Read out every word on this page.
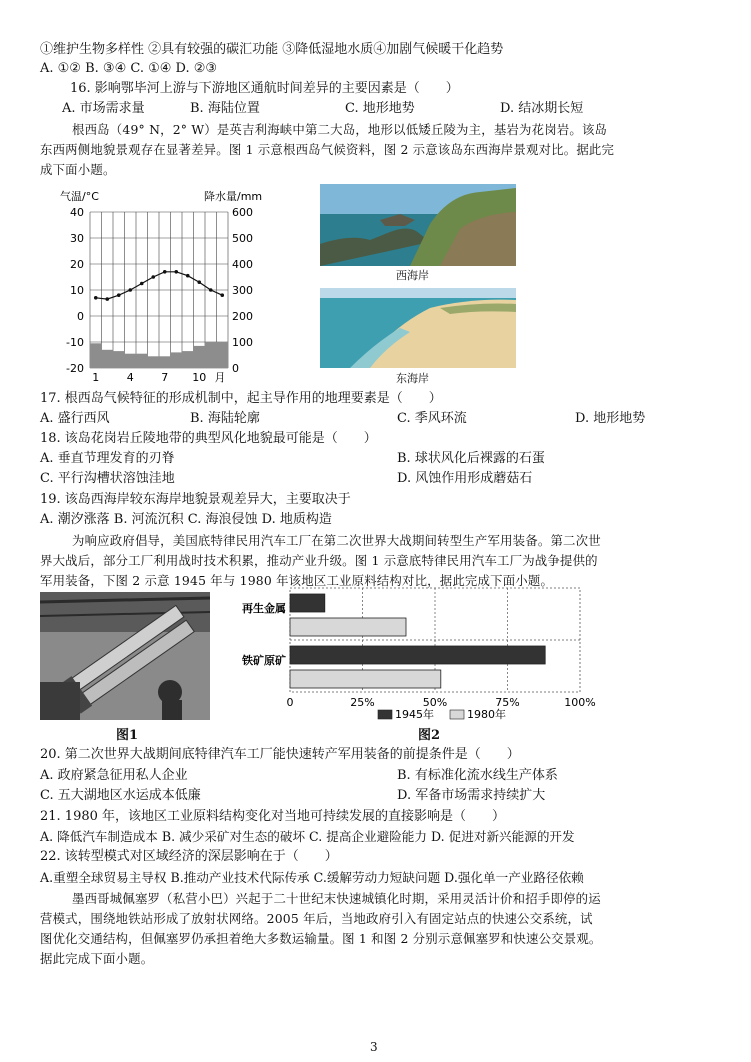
①维护生物多样性 ②具有较强的碳汇功能 ③降低湿地水质④加剧气候暖干化趋势
A. ①② B. ③④ C. ①④ D. ②③
16. 影响鄂毕河上游与下游地区通航时间差异的主要因素是（　　）
A. 市场需求量	B. 海陆位置	C. 地形地势	D. 结冰期长短
根西岛（49° N，2° W）是英吉利海峡中第二大岛，地形以低矮丘陵为主，基岩为花岗岩。该岛
东西两侧地貌景观存在显著差异。图 1 示意根西岛气候资料，图 2 示意该岛东西海岸景观对比。据此完
成下面小题。
气温/°C	降水量/mm
40
30
20
10
0
-10
-20
600
500
400
300
200
100
0
1	4	7 10 月
西海岸
东海岸
17. 根西岛气候特征的形成机制中，起主导作用的地理要素是（　　）
A. 盛行西风	B. 海陆轮廓	C. 季风环流	D. 地形地势
18. 该岛花岗岩丘陵地带的典型风化地貌最可能是（　　）
A. 垂直节理发育的刃脊	B. 球状风化后裸露的石蛋
C. 平行沟槽状溶蚀洼地	D. 风蚀作用形成蘑菇石
19. 该岛西海岸较东海岸地貌景观差异大，主要取决于
A. 潮汐涨落 B. 河流沉积 C. 海浪侵蚀 D. 地质构造
为响应政府倡导，美国底特律民用汽车工厂在第二次世界大战期间转型生产军用装备。第二次世
界大战后，部分工厂利用战时技术积累，推动产业升级。图 1 示意底特律民用汽车工厂为战争提供的
军用装备，下图 2 示意 1945 年与 1980 年该地区工业原料结构对比，据此完成下面小题。
图1
再生金属
铁矿原矿
0	25%	50%	75%	100%
1945年	1980年
图2
20. 第二次世界大战期间底特律汽车工厂能快速转产军用装备的前提条件是（　　）
A. 政府紧急征用私人企业	B. 有标准化流水线生产体系
C. 五大湖地区水运成本低廉	D. 军备市场需求持续扩大
21. 1980 年，该地区工业原料结构变化对当地可持续发展的直接影响是（　　）
A. 降低汽车制造成本 B. 减少采矿对生态的破坏 C. 提高企业避险能力 D. 促进对新兴能源的开发
22. 该转型模式对区域经济的深层影响在于（　　）
A.重塑全球贸易主导权 B.推动产业技术代际传承 C.缓解劳动力短缺问题 D.强化单一产业路径依赖
墨西哥城佩塞罗（私营小巴）兴起于二十世纪末快速城镇化时期，采用灵活计价和招手即停的运
营模式，围绕地铁站形成了放射状网络。2005 年后，当地政府引入有固定站点的快速公交系统，试
图优化交通结构，但佩塞罗仍承担着绝大多数运输量。图 1 和图 2 分别示意佩塞罗和快速公交景观。
据此完成下面小题。
3
